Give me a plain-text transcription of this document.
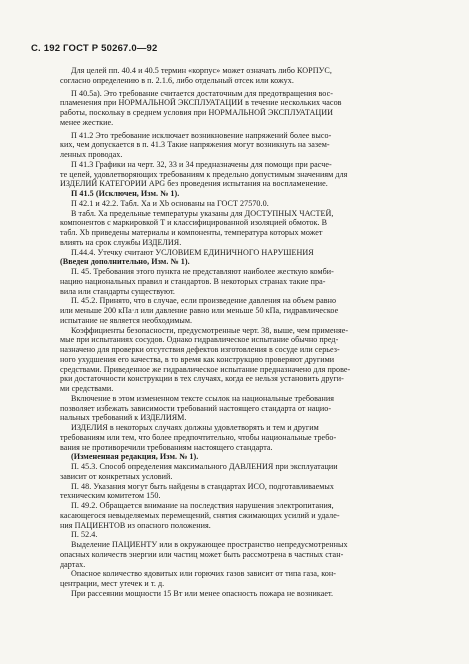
С. 192 ГОСТ Р 50267.0—92
Для целей пп. 40.4 и 40.5 термин «корпус» может означать либо КОРПУС,
согласно определению в п. 2.1.6, либо отдельный отсек или кожух.
П 40.5а). Это требование считается достаточным для предотвращения вос-
пламенения при НОРМАЛЬНОЙ ЭКСПЛУАТАЦИИ в течение нескольких часов
работы, поскольку в среднем условия при НОРМАЛЬНОЙ ЭКСПЛУАТАЦИИ
менее жесткие.
П 41.2 Это требование исключает возникновение напряжений более высо-
ких, чем допускается в п. 41.3 Такие напряжения могут возникнуть на зазем-
ленных проводах.
П 41.3 Графики на черт. 32, 33 и 34 предназначены для помощи при расче-
те цепей, удовлетворяющих требованиям к предельно допустимым значениям для
ИЗДЕЛИЙ КАТЕГОРИИ APG без проведения испытания на воспламенение.
П 41.5 (Исключен, Изм. № 1).
П 42.1 и 42.2. Табл. Xa и Xb основаны на ГОСТ 27570.0.
В табл. Xa предельные температуры указаны для ДОСТУПНЫХ ЧАСТЕЙ,
компонентов с маркировкой T и классифицированной изоляцией обмоток. В
табл. Xb приведены материалы и компоненты, температура которых может
влиять на срок службы ИЗДЕЛИЯ.
П.44.4. Утечку считают УСЛОВИЕМ ЕДИНИЧНОГО НАРУШЕНИЯ
(Введен дополнительно, Изм. № 1).
П. 45. Требования этого пункта не представляют наиболее жесткую комби-
нацию национальных правил и стандартов. В некоторых странах такие пра-
вила или стандарты существуют.
П. 45.2. Принято, что в случае, если произведение давления на объем равно
или меньше 200 кПа·л или давление равно или меньше 50 кПа, гидравлическое
испытание не является необходимым.
Коэффициенты безопасности, предусмотренные черт. 38, выше, чем применяе-
мые при испытаниях сосудов. Однако гидравлическое испытание обычно пред-
назначено для проверки отсутствия дефектов изготовления в сосуде или серьез-
ного ухудшения его качества, в то время как конструкцию проверяют другими
средствами. Приведенное же гидравлическое испытание предназначено для прове-
рки достаточности конструкции в тех случаях, когда ее нельзя установить други-
ми средствами.
Включение в этом измененном тексте ссылок на национальные требования
позволяет избежать зависимости требований настоящего стандарта от нацио-
нальных требований к ИЗДЕЛИЯМ.
ИЗДЕЛИЯ в некоторых случаях должны удовлетворять и тем и другим
требованиям или тем, что более предпочтительно, чтобы национальные требо-
вания не противоречили требованиям настоящего стандарта.
(Измененная редакция, Изм. № 1).
П. 45.3. Способ определения максимального ДАВЛЕНИЯ при эксплуатации
зависит от конкретных условий.
П. 48. Указания могут быть найдены в стандартах ИСО, подготавливаемых
техническим комитетом 150.
П. 49.2. Обращается внимание на последствия нарушения электропитания,
касающегося невыделяемых перемещений, снятия сжимающих усилий и удале-
ния ПАЦИЕНТОВ из опасного положения.
П. 52.4.
Выделение ПАЦИЕНТУ или в окружающее пространство непредусмотренных
опасных количеств энергии или частиц может быть рассмотрена в частных стан-
дартах.
Опасное количество ядовитых или горючих газов зависит от типа газа, кон-
центрации, мест утечек и т. д.
При рассеянии мощности 15 Вт или менее опасность пожара не возникает.
